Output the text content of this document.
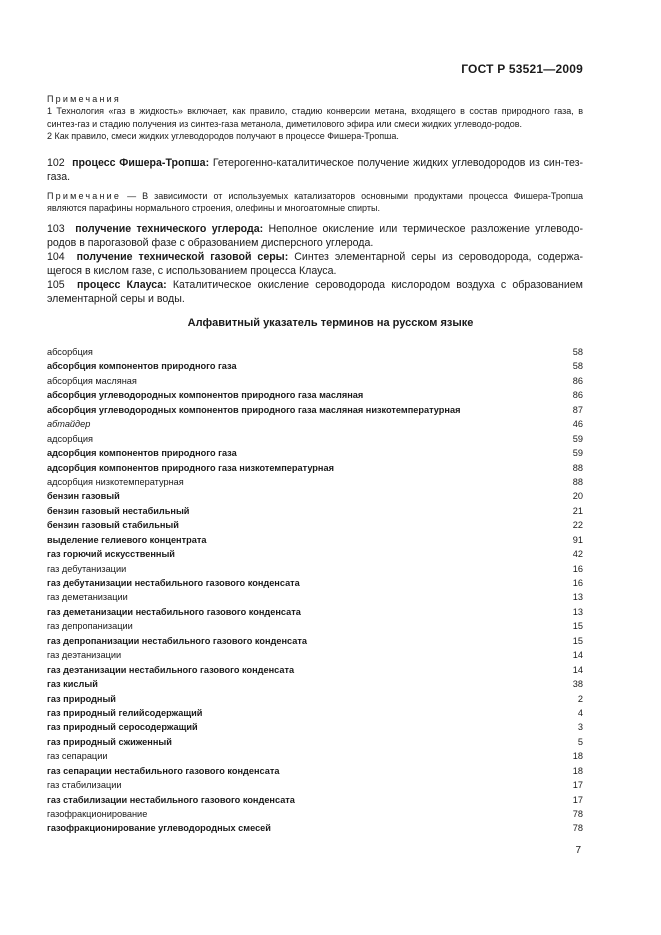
ГОСТ Р 53521—2009
Примечания

1 Технология «газ в жидкость» включает, как правило, стадию конверсии метана, входящего в состав природного газа, в синтез-газ и стадию получения из синтез-газа метанола, диметилового эфира или смеси жидких углеводо-родов.

2 Как правило, смеси жидких углеводородов получают в процессе Фишера-Тропша.

102 процесс Фишера-Тропша: Гетерогенно-каталитическое получение жидких углеводородов из син-тез-газа.

Примечание — В зависимости от используемых катализаторов основными продуктами процесса Фишера-Тропша являются парафины нормального строения, олефины и многоатомные спирты.

103 получение технического углерода: Неполное окисление или термическое разложение углеводо-родов в парогазовой фазе с образованием дисперсного углерода.

104 получение технической газовой серы: Синтез элементарной серы из сероводорода, содержа-щегося в кислом газе, с использованием процесса Клауса.

105 процесс Клауса: Каталитическое окисление сероводорода кислородом воздуха с образованием элементарной серы и воды.

Алфавитный указатель терминов на русском языке
абсорбция	58
абсорбция компонентов природного газа	58
абсорбция масляная	86
абсорбция углеводородных компонентов природного газа масляная	86
абсорбция углеводородных компонентов природного газа масляная низкотемпературная	87
абтайдер	46
адсорбция	59
адсорбция компонентов природного газа	59
адсорбция компонентов природного газа низкотемпературная	88
адсорбция низкотемпературная	88
бензин газовый	20
бензин газовый нестабильный	21
бензин газовый стабильный	22
выделение гелиевого концентрата	91
газ горючий искусственный	42
газ дебутанизации	16
газ дебутанизации нестабильного газового конденсата	16
газ деметанизации	13
газ деметанизации нестабильного газового конденсата	13
газ депропанизации	15
газ депропанизации нестабильного газового конденсата	15
газ деэтанизации	14
газ деэтанизации нестабильного газового конденсата	14
газ кислый	38
газ природный	2
газ природный гелийсодержащий	4
газ природный серосодержащий	3
газ природный сжиженный	5
газ сепарации	18
газ сепарации нестабильного газового конденсата	18
газ стабилизации	17
газ стабилизации нестабильного газового конденсата	17
газофракционирование	78
газофракционирование углеводородных смесей	78
7
